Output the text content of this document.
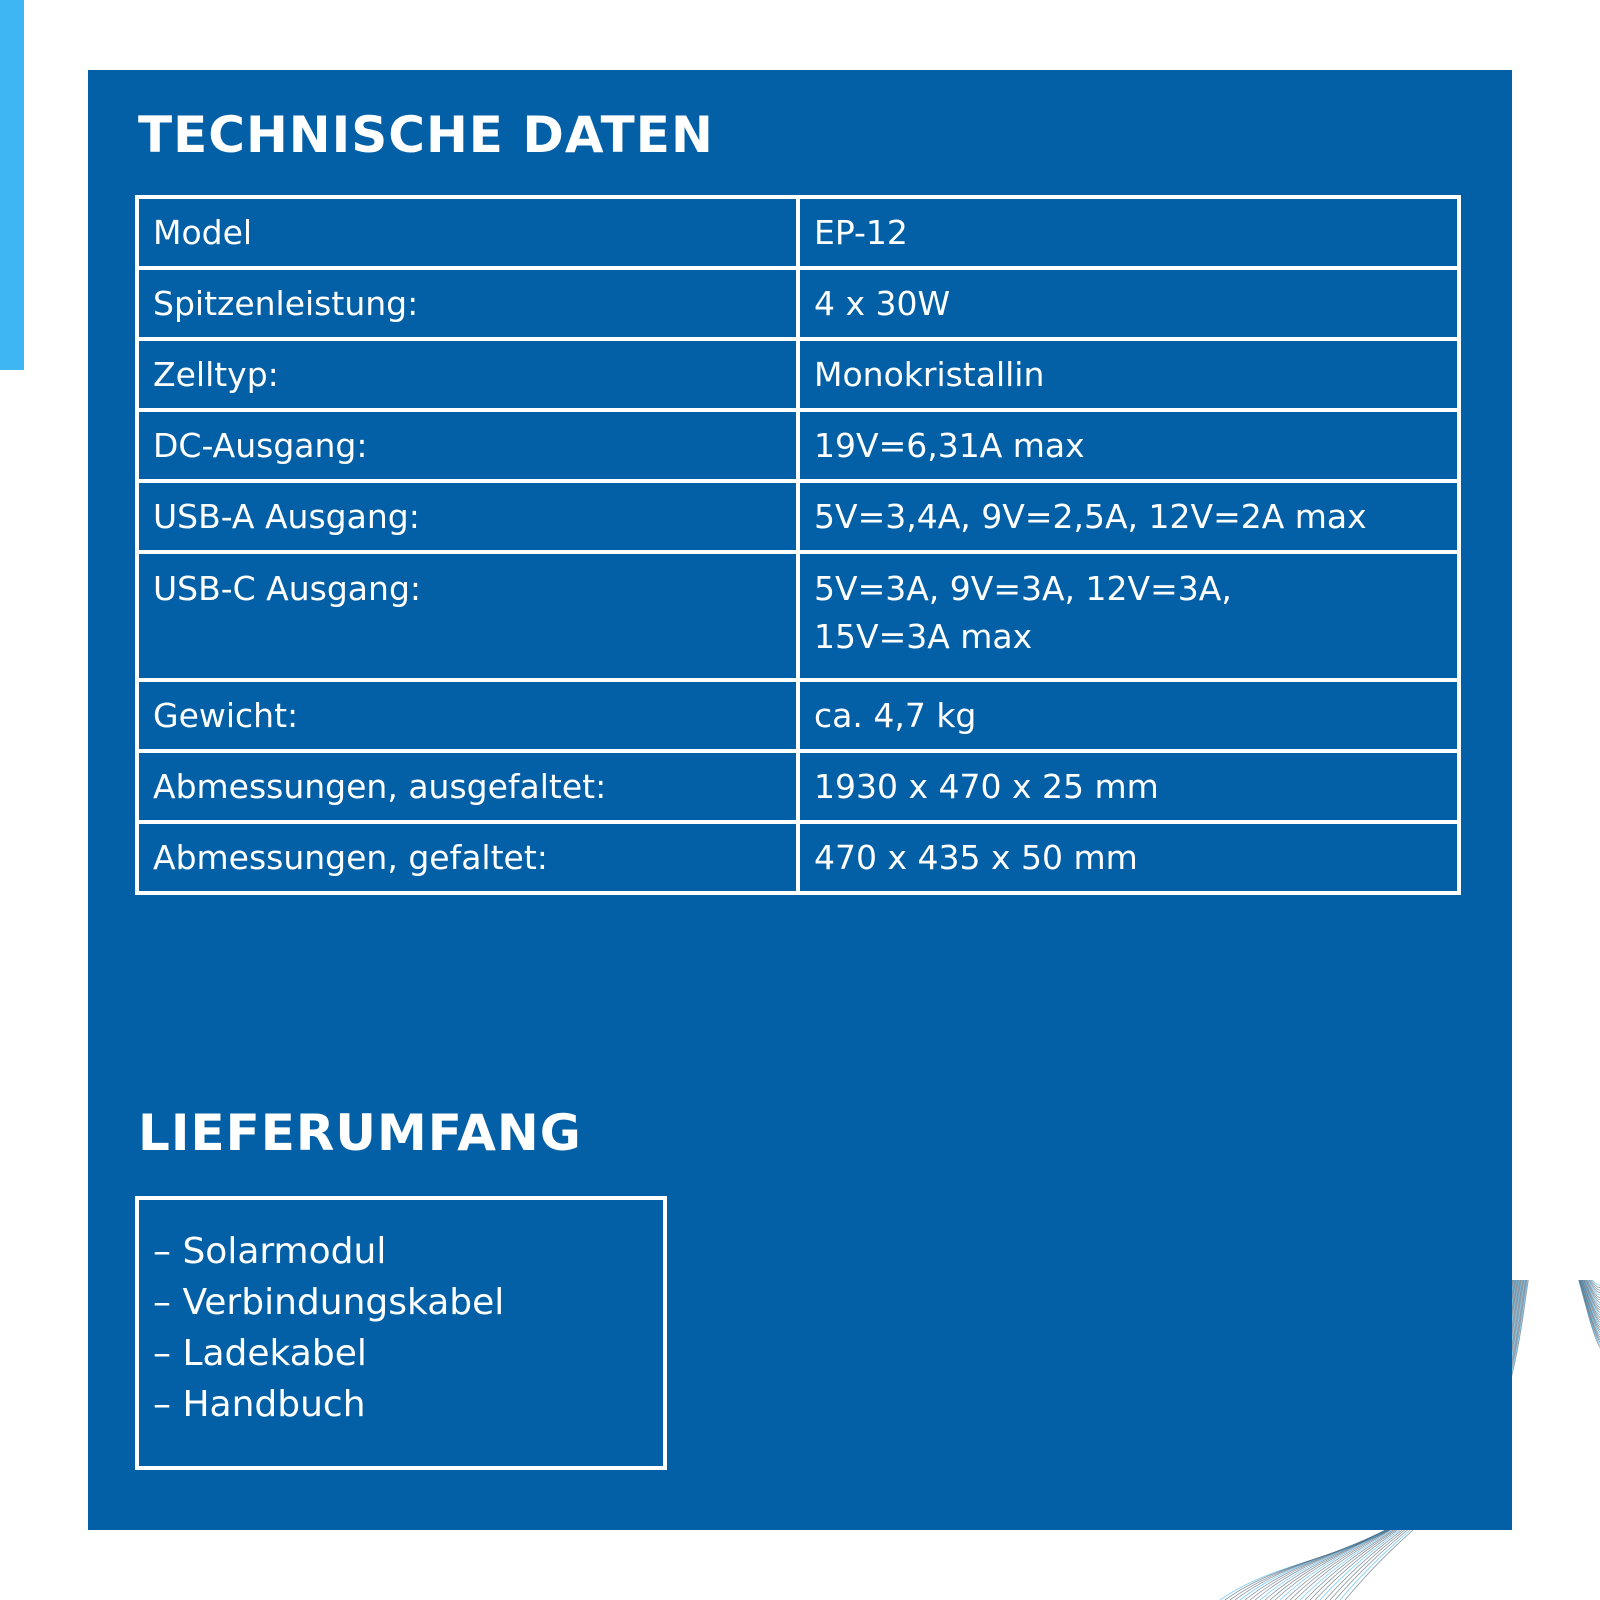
TECHNISCHE DATEN
Model	EP-12
Spitzenleistung:	4 x 30W
Zelltyp:	Monokristallin
DC-Ausgang:	19V=6,31A max
USB-A Ausgang:	5V=3,4A, 9V=2,5A, 12V=2A max
USB-C Ausgang:	5V=3A, 9V=3A, 12V=3A,
15V=3A max
Gewicht:	ca. 4,7 kg
Abmessungen, ausgefaltet:	1930 x 470 x 25 mm
Abmessungen, gefaltet:	470 x 435 x 50 mm
LIEFERUMFANG
– Solarmodul
– Verbindungskabel
– Ladekabel
– Handbuch
